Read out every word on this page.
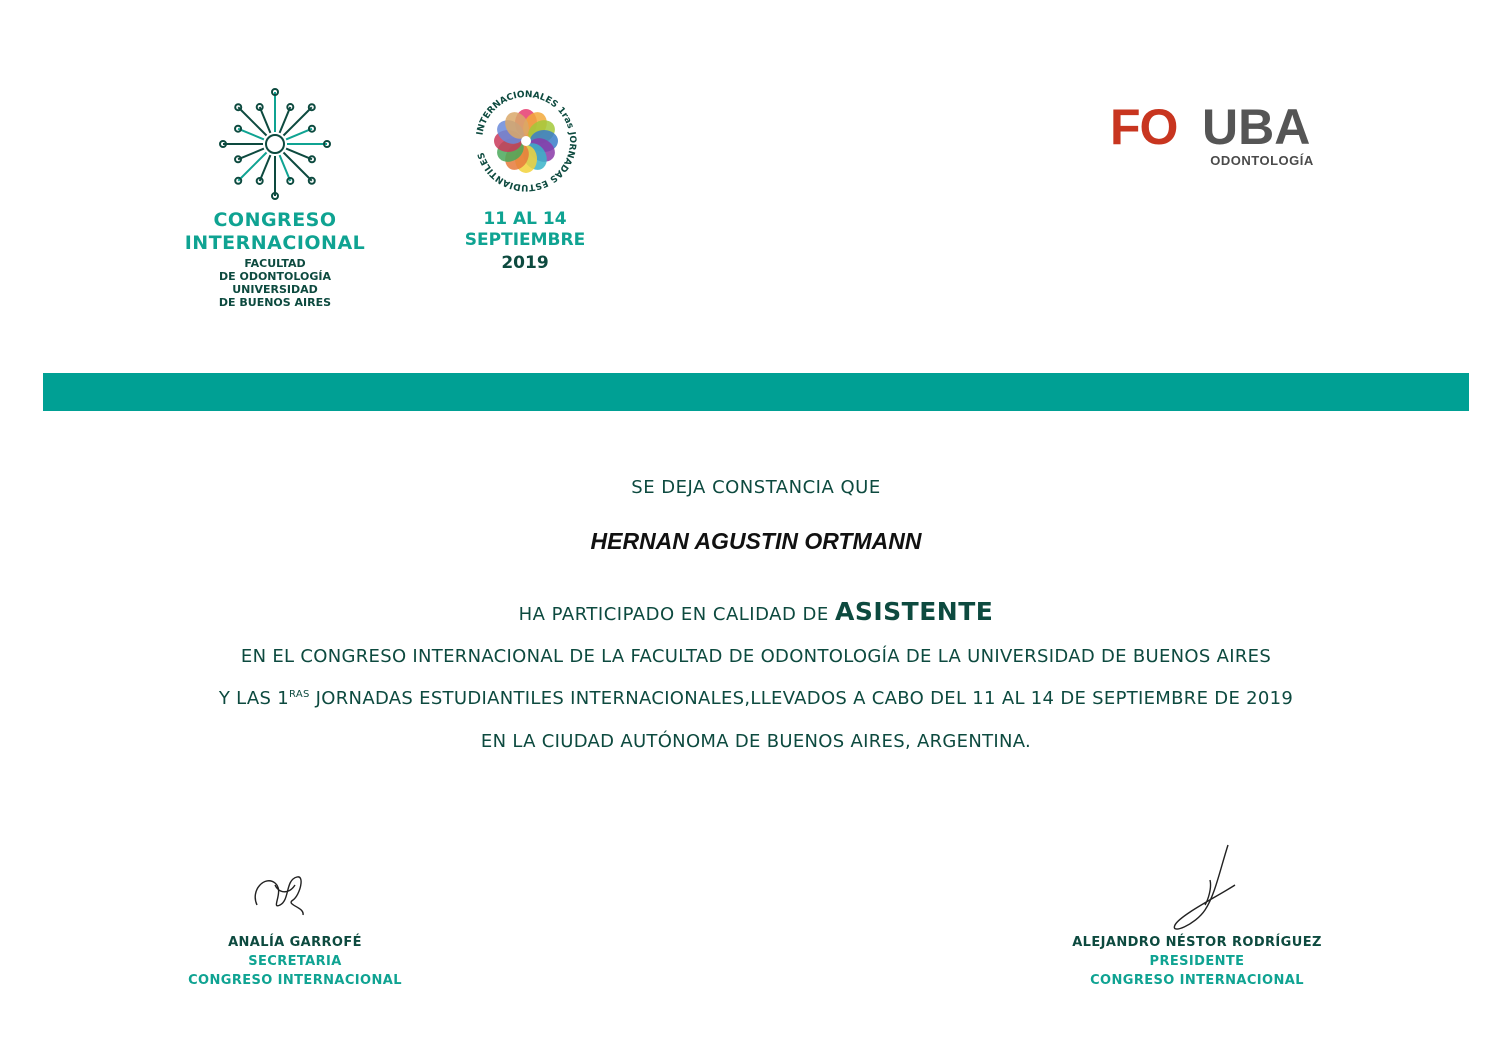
CONGRESO
INTERNACIONAL
FACULTAD
DE ODONTOLOGÍA
UNIVERSIDAD
DE BUENOS AIRES
INTERNACIONALES 1ras JORNADAS ESTUDIANTILES
11 AL 14
SEPTIEMBRE
2019
FO UBA
ODONTOLOGÍA
SE DEJA CONSTANCIA QUE
HERNAN AGUSTIN ORTMANN
HA PARTICIPADO EN CALIDAD DE ASISTENTE
EN EL CONGRESO INTERNACIONAL DE LA FACULTAD DE ODONTOLOGÍA DE LA UNIVERSIDAD DE BUENOS AIRES
Y LAS $1^{RAS}$ JORNADAS ESTUDIANTILES INTERNACIONALES,LLEVADOS A CABO DEL 11 AL 14 DE SEPTIEMBRE DE 2019
EN LA CIUDAD AUTÓNOMA DE BUENOS AIRES, ARGENTINA.
ANALÍA GARROFÉ
SECRETARIA
CONGRESO INTERNACIONAL
ALEJANDRO NÉSTOR RODRÍGUEZ
PRESIDENTE
CONGRESO INTERNACIONAL
